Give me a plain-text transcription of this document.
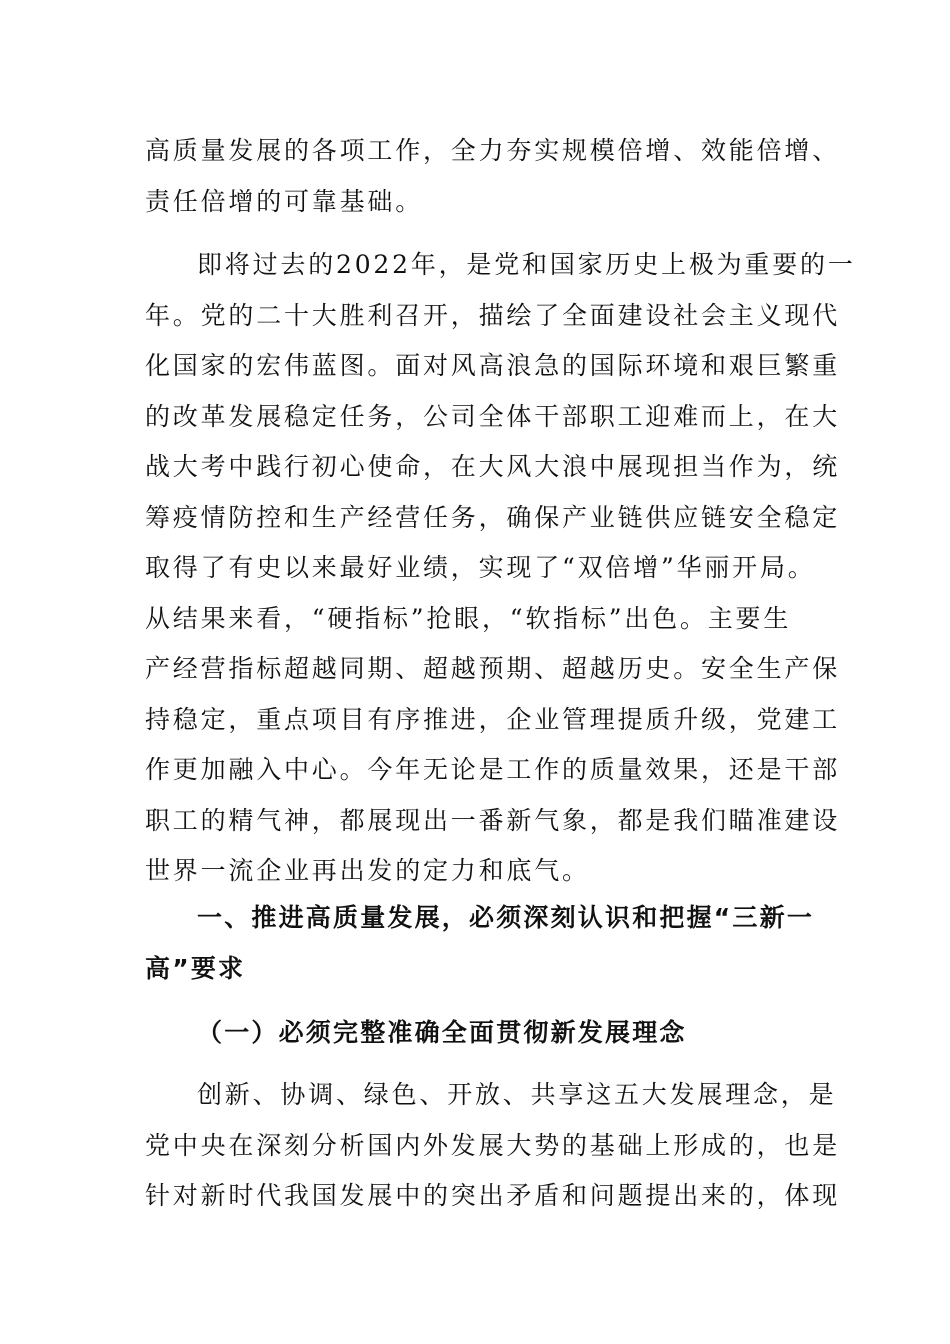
高质量发展的各项工作，全力夯实规模倍增、效能倍增、
责任倍增的可靠基础。
即将过去的2022年，是党和国家历史上极为重要的一
年。党的二十大胜利召开，描绘了全面建设社会主义现代
化国家的宏伟蓝图。面对风高浪急的国际环境和艰巨繁重
的改革发展稳定任务，公司全体干部职工迎难而上，在大
战大考中践行初心使命，在大风大浪中展现担当作为，统
筹疫情防控和生产经营任务，确保产业链供应链安全稳定
取得了有史以来最好业绩，实现了“双倍增”华丽开局。
从结果来看，“硬指标”抢眼，“软指标”出色。主要生
产经营指标超越同期、超越预期、超越历史。安全生产保
持稳定，重点项目有序推进，企业管理提质升级，党建工
作更加融入中心。今年无论是工作的质量效果，还是干部
职工的精气神，都展现出一番新气象，都是我们瞄准建设
世界一流企业再出发的定力和底气。
一、推进高质量发展，必须深刻认识和把握“三新一
高”要求
（一）必须完整准确全面贯彻新发展理念
创新、协调、绿色、开放、共享这五大发展理念，是
党中央在深刻分析国内外发展大势的基础上形成的，也是
针对新时代我国发展中的突出矛盾和问题提出来的，体现
